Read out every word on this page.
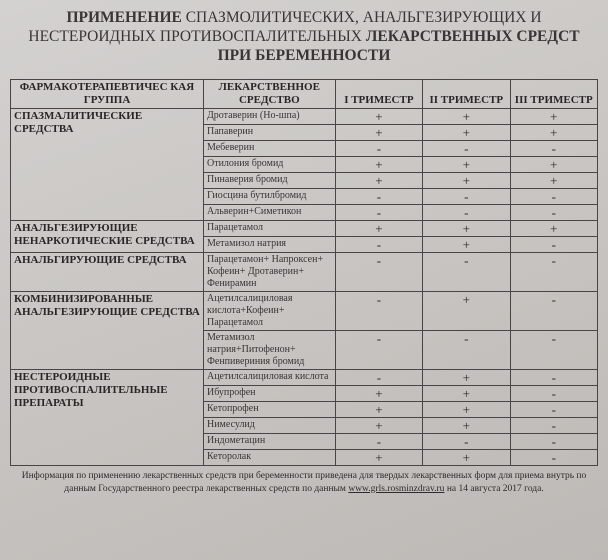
ПРИМЕНЕНИЕ СПАЗМОЛИТИЧЕСКИХ, АНАЛЬГЕЗИРУЮЩИХ И НЕСТЕРОИДНЫХ ПРОТИВОСПАЛИТЕЛЬНЫХ ЛЕКАРСТВЕННЫХ СРЕДСТ ПРИ БЕРЕМЕННОСТИ
ФАРМАКОТЕРАПЕВТИЧЕС КАЯ ГРУППА	ЛЕКАРСТВЕННОЕ СРЕДСТВО	I ТРИМЕСТР	II ТРИМЕСТР	III ТРИМЕСТР
СПАЗМАЛИТИЧЕСКИЕ СРЕДСТВА	Дротаверин (Но-шпа)	+	+	+
	Папаверин	+	+	+
	Мебеверин	-	-	-
	Отилония бромид	+	+	+
	Пинаверия бромид	+	+	+
	Гиосцина бутилбромид	-	-	-
	Альверин+Симетикон	-	-	-
АНАЛЬГЕЗИРУЮЩИЕ НЕНАРКОТИЧЕСКИЕ СРЕДСТВА	Парацетамол	+	+	+
	Метамизол натрия	-	+	-
АНАЛЬГИРУЮЩИЕ СРЕДСТВА	Парацетамон+ Напроксен+ Кофеин+ Дротаверин+ Фенирамин	-	-	-
КОМБИНИЗИРОВАННЫЕ АНАЛЬГЕЗИРУЮЩИЕ СРЕДСТВА	Ацетилсалициловая кислота+Кофеин+ Парацетамол	-	+	-
	Метамизол натрия+Питофенон+ Фенпивериния бромид	-	-	-
НЕСТЕРОИДНЫЕ ПРОТИВОСПАЛИТЕЛЬНЫЕ ПРЕПАРАТЫ	Ацетилсалициловая кислота	-	+	-
	Ибупрофен	+	+	-
	Кетопрофен	+	+	-
	Нимесулид	+	+	-
	Индометацин	-	-	-
	Кеторолак	+	+	-
Информация по применению лекарственных средств при беременности приведена для твердых лекарственных форм для приема внутрь по данным Государственного реестра лекарственных средств по данным www.grls.rosminzdrav.ru на 14 августа 2017 года.
